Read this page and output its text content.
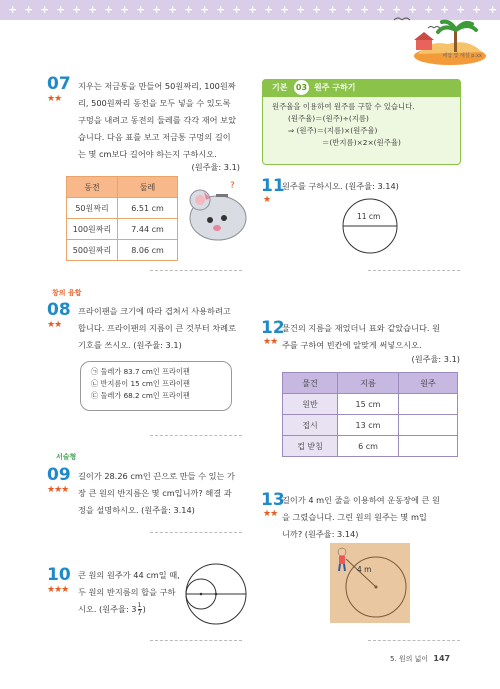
+ + + + + + + + + + + + + + + + + + + + + + + + + + + + + + +
해답 및 해설 p.xx
07
★★
지우는 저금통을 만들어 50원짜리, 100원짜
리, 500원짜리 동전을 모두 넣을 수 있도록
구멍을 내려고 동전의 둘레를 각각 재어 보았
습니다. 다음 표를 보고 저금통 구멍의 길이
는 몇 cm보다 길어야 하는지 구하시오.
(원주율: 3.1)
동전	둘레
50원짜리	6.51 cm
100원짜리	7.44 cm
500원짜리	8.06 cm
?
창의 융합
08
★★
프라이팬을 크기에 따라 겹쳐서 사용하려고
합니다. 프라이팬의 지름이 큰 것부터 차례로
기호를 쓰시오. (원주율: 3.1)
㉠ 둘레가 83.7 cm인 프라이팬
㉡ 반지름이 15 cm인 프라이팬
㉢ 둘레가 68.2 cm인 프라이팬
서술형
09
★★★
길이가 28.26 cm인 끈으로 만들 수 있는 가
장 큰 원의 반지름은 몇 cm입니까? 해결 과
정을 설명하시오. (원주율: 3.14)
10
★★★
큰 원의 원주가 44 cm일 때,
두 원의 반지름의 합을 구하
시오. (원주율: $3 \frac{1}{7}$ )
기본 03 원주 구하기
원주율을 이용하여 원주를 구할 수 있습니다.
(원주율)＝(원주)÷(지름)
⇒ (원주)＝(지름)×(원주율)
＝(반지름)×2×(원주율)
11
★
원주를 구하시오. (원주율: 3.14)
11 cm
12
★★
물건의 지름을 재었더니 표와 같았습니다. 원
주를 구하여 빈칸에 알맞게 써넣으시오.
(원주율: 3.1)
물건	지름	원주
원반	15 cm	
접시	13 cm	
컵 받침	6 cm	
13
★★
길이가 4 m인 줄을 이용하여 운동장에 큰 원
을 그렸습니다. 그린 원의 원주는 몇 m입
니까? (원주율: 3.14)
4 m
5. 원의 넓이 147
